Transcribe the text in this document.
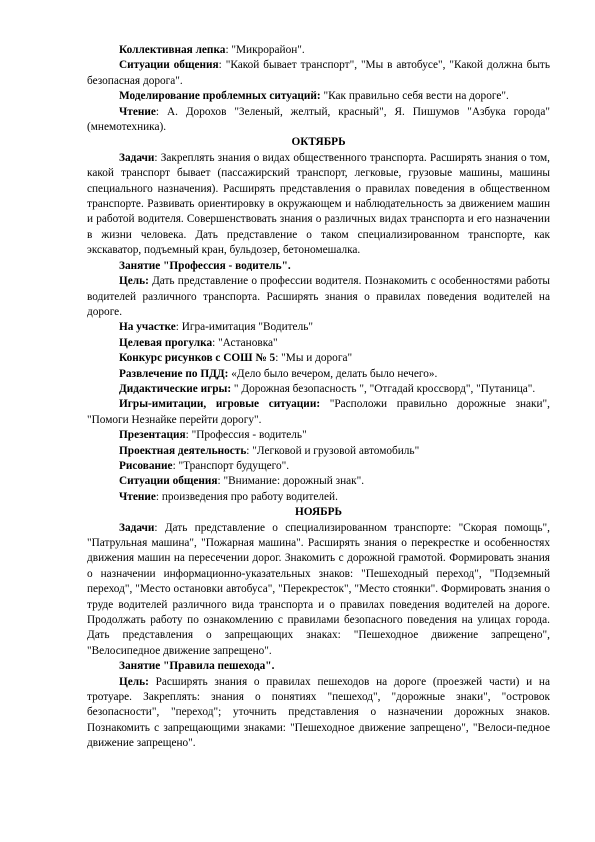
Коллективная лепка: "Микрорайон".

Ситуации общения: "Какой бывает транспорт", "Мы в автобусе", "Какой должна быть безопасная дорога".

Моделирование проблемных ситуаций: "Как правильно себя вести на дороге".

Чтение: А. Дорохов "Зеленый, желтый, красный", Я. Пишумов "Азбука города" (мнемотехника).

ОКТЯБРЬ

Задачи: Закреплять знания о видах общественного транспорта. Расширять знания о том, какой транспорт бывает (пассажирский транспорт, легковые, грузовые машины, машины специального назначения). Расширять представления о правилах поведения в общественном транспорте. Развивать ориентировку в окружающем и наблюдательность за движением машин и работой водителя. Совершенствовать знания о различных видах транспорта и его назначении в жизни человека. Дать представление о таком специализированном транспорте, как экскаватор, подъемный кран, бульдозер, бетономешалка.

Занятие "Профессия - водитель".

Цель: Дать представление о профессии водителя. Познакомить с особенностями работы водителей различного транспорта. Расширять знания о правилах поведения водителей на дороге.

На участке: Игра-имитация "Водитель"

Целевая прогулка: "Астановка"

Конкурс рисунков с СОШ № 5: "Мы и дорога"

Развлечение по ПДД: «Дело было вечером, делать было нечего».

Дидактические игры: " Дорожная безопасность ", "Отгадай кроссворд", "Путаница".

Игры-имитации, игровые ситуации: "Расположи правильно дорожные знаки", "Помоги Незнайке перейти дорогу".

Презентация: "Профессия - водитель"

Проектная деятельность: "Легковой и грузовой автомобиль"

Рисование: "Транспорт будущего".

Ситуации общения: "Внимание: дорожный знак".

Чтение: произведения про работу водителей.

НОЯБРЬ

Задачи: Дать представление о специализированном транспорте: "Скорая помощь", "Патрульная машина", "Пожарная машина". Расширять знания о перекрестке и особенностях движения машин на пересечении дорог. Знакомить с дорожной грамотой. Формировать знания о назначении информационно-указательных знаков: "Пешеходный переход", "Подземный переход", "Место остановки автобуса", "Перекресток", "Место стоянки". Формировать знания о труде водителей различного вида транспорта и о правилах поведения водителей на дороге. Продолжать работу по ознакомлению с правилами безопасного поведения на улицах города. Дать представления о запрещающих знаках: "Пешеходное движение запрещено", "Велосипедное движение запрещено".

Занятие "Правила пешехода".

Цель: Расширять знания о правилах пешеходов на дороге (проезжей части) и на тротуаре. Закреплять: знания о понятиях "пешеход", "дорожные знаки", "островок безопасности", "переход"; уточнить представления о назначении дорожных знаков. Познакомить с запрещающими знаками: "Пешеходное движение запрещено", "Велоси-педное движение запрещено".
